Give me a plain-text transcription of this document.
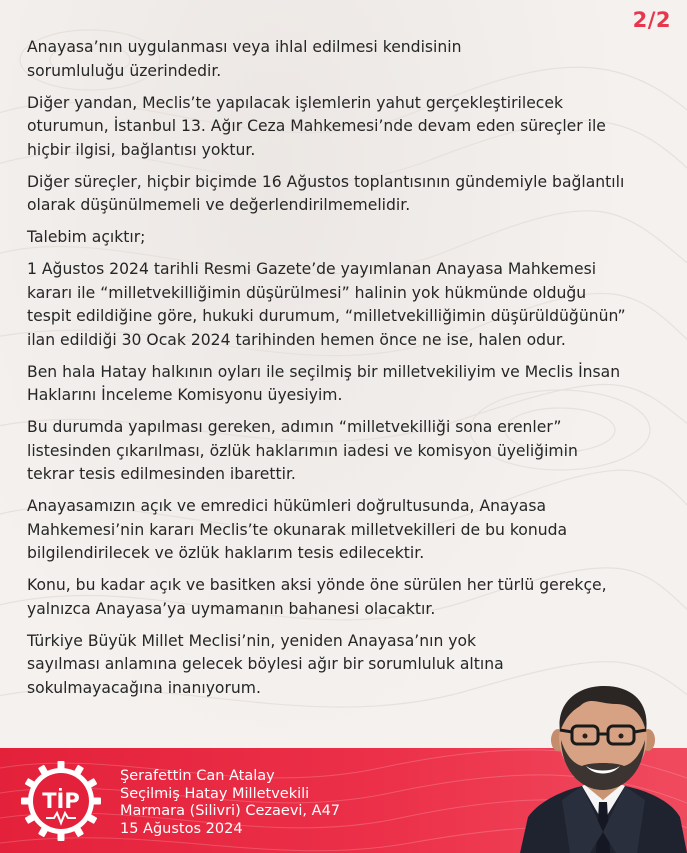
2/2

Anayasa’nın uygulanması veya ihlal edilmesi kendisinin sorumluluğu üzerindedir.

Diğer yandan, Meclis’te yapılacak işlemlerin yahut gerçekleştirilecek oturumun, İstanbul 13. Ağır Ceza Mahkemesi’nde devam eden süreçler ile hiçbir ilgisi, bağlantısı yoktur.

Diğer süreçler, hiçbir biçimde 16 Ağustos toplantısının gündemiyle bağlantılı olarak düşünülmemeli ve değerlendirilmemelidir.

Talebim açıktır;

1 Ağustos 2024 tarihli Resmi Gazete’de yayımlanan Anayasa Mahkemesi kararı ile “milletvekilliğimin düşürülmesi” halinin yok hükmünde olduğu tespit edildiğine göre, hukuki durumum, “milletvekilliğimin düşürüldüğünün” ilan edildiği 30 Ocak 2024 tarihinden hemen önce ne ise, halen odur.

Ben hala Hatay halkının oyları ile seçilmiş bir milletvekiliyim ve Meclis İnsan Haklarını İnceleme Komisyonu üyesiyim.

Bu durumda yapılması gereken, adımın “milletvekilliği sona erenler” listesinden çıkarılması, özlük haklarımın iadesi ve komisyon üyeliğimin tekrar tesis edilmesinden ibarettir.

Anayasamızın açık ve emredici hükümleri doğrultusunda, Anayasa Mahkemesi’nin kararı Meclis’te okunarak milletvekilleri de bu konuda bilgilendirilecek ve özlük haklarım tesis edilecektir.

Konu, bu kadar açık ve basitken aksi yönde öne sürülen her türlü gerekçe, yalnızca Anayasa’ya uymamanın bahanesi olacaktır.

Türkiye Büyük Millet Meclisi’nin, yeniden Anayasa’nın yok sayılması anlamına gelecek böylesi ağır bir sorumluluk altına sokulmayacağına inanıyorum.

TİP
Şerafettin Can Atalay
Seçilmiş Hatay Milletvekili
Marmara (Silivri) Cezaevi, A47
15 Ağustos 2024
